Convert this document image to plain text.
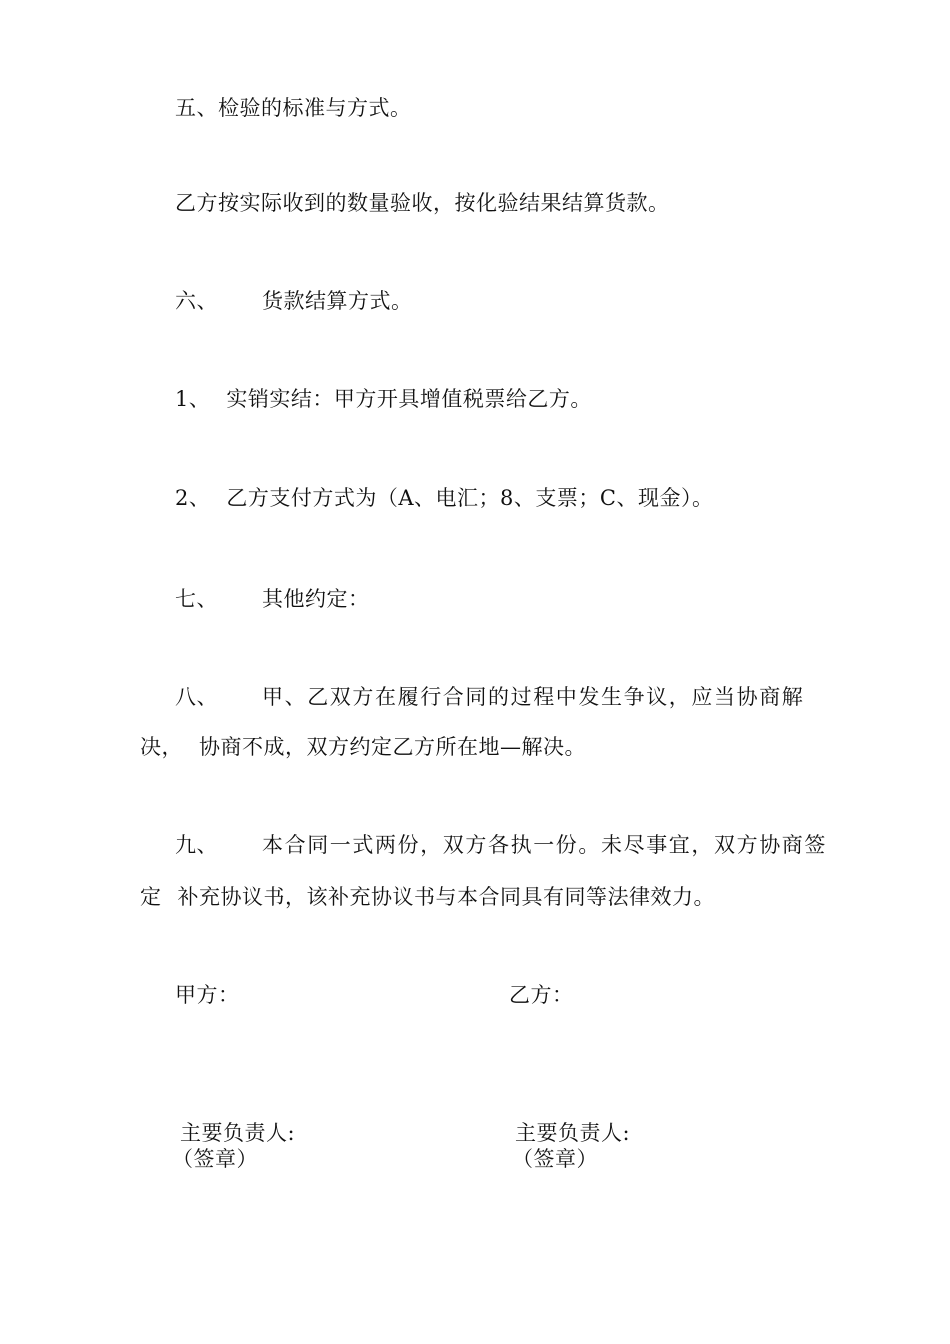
五、检验的标准与方式。
乙方按实际收到的数量验收，按化验结果结算货款。
六、 货款结算方式。
1、 实销实结：甲方开具增值税票给乙方。
2、 乙方支付方式为（A、电汇；8、支票；C、现金）。
七、 其他约定：
八、 甲、乙双方在履行合同的过程中发生争议，应当协商解
决， 协商不成，双方约定乙方所在地—解决。
九、 本合同一式两份，双方各执一份。未尽事宜，双方协商签
定 补充协议书，该补充协议书与本合同具有同等法律效力。
甲方：	乙方：
主要负责人:
（签章）
主要负责人:
（签章）
